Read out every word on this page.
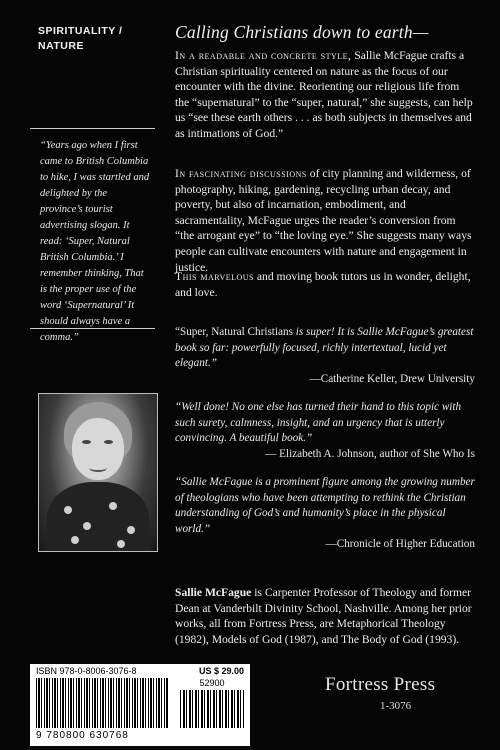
SPIRITUALITY /
NATURE
“Years ago when I first came to British Columbia to hike, I was startled and delighted by the province’s tourist advertising slogan. It read: ‘Super, Natural British Columbia.’ I remember thinking, That is the proper use of the word ‘Supernatural’ It should always have a comma.”
Calling Christians down to earth—

In a readable and concrete style, Sallie McFague crafts a Christian spirituality centered on nature as the focus of our encounter with the divine. Reorienting our religious life from the “supernatural” to the “super, natural,” she suggests, can help us “see these earth others . . . as both subjects in themselves and as intimations of God.”

In fascinating discussions of city planning and wilderness, of photography, hiking, gardening, recycling urban decay, and poverty, but also of incarnation, embodiment, and sacramentality, McFague urges the reader’s conversion from “the arrogant eye” to “the loving eye.” She suggests many ways people can cultivate encounters with nature and engagement in justice.

This marvelous and moving book tutors us in wonder, delight, and love.

“Super, Natural Christians is super! It is Sallie McFague’s greatest book so far: powerfully focused, richly intertextual, lucid yet elegant.”
—Catherine Keller, Drew University
“Well done! No one else has turned their hand to this topic with such surety, calmness, insight, and an urgency that is utterly convincing. A beautiful book.”
— Elizabeth A. Johnson, author of She Who Is
“Sallie McFague is a prominent figure among the growing number of theologians who have been attempting to rethink the Christian understanding of God’s and humanity’s place in the physical world.”
—Chronicle of Higher Education
Sallie McFague is Carpenter Professor of Theology and former Dean at Vanderbilt Divinity School, Nashville. Among her prior works, all from Fortress Press, are Metaphorical Theology (1982), Models of God (1987), and The Body of God (1993).
ISBN 978-0-8006-3076-8	US $ 29.00
52900
9 780800 630768
Fortress Press
1-3076
